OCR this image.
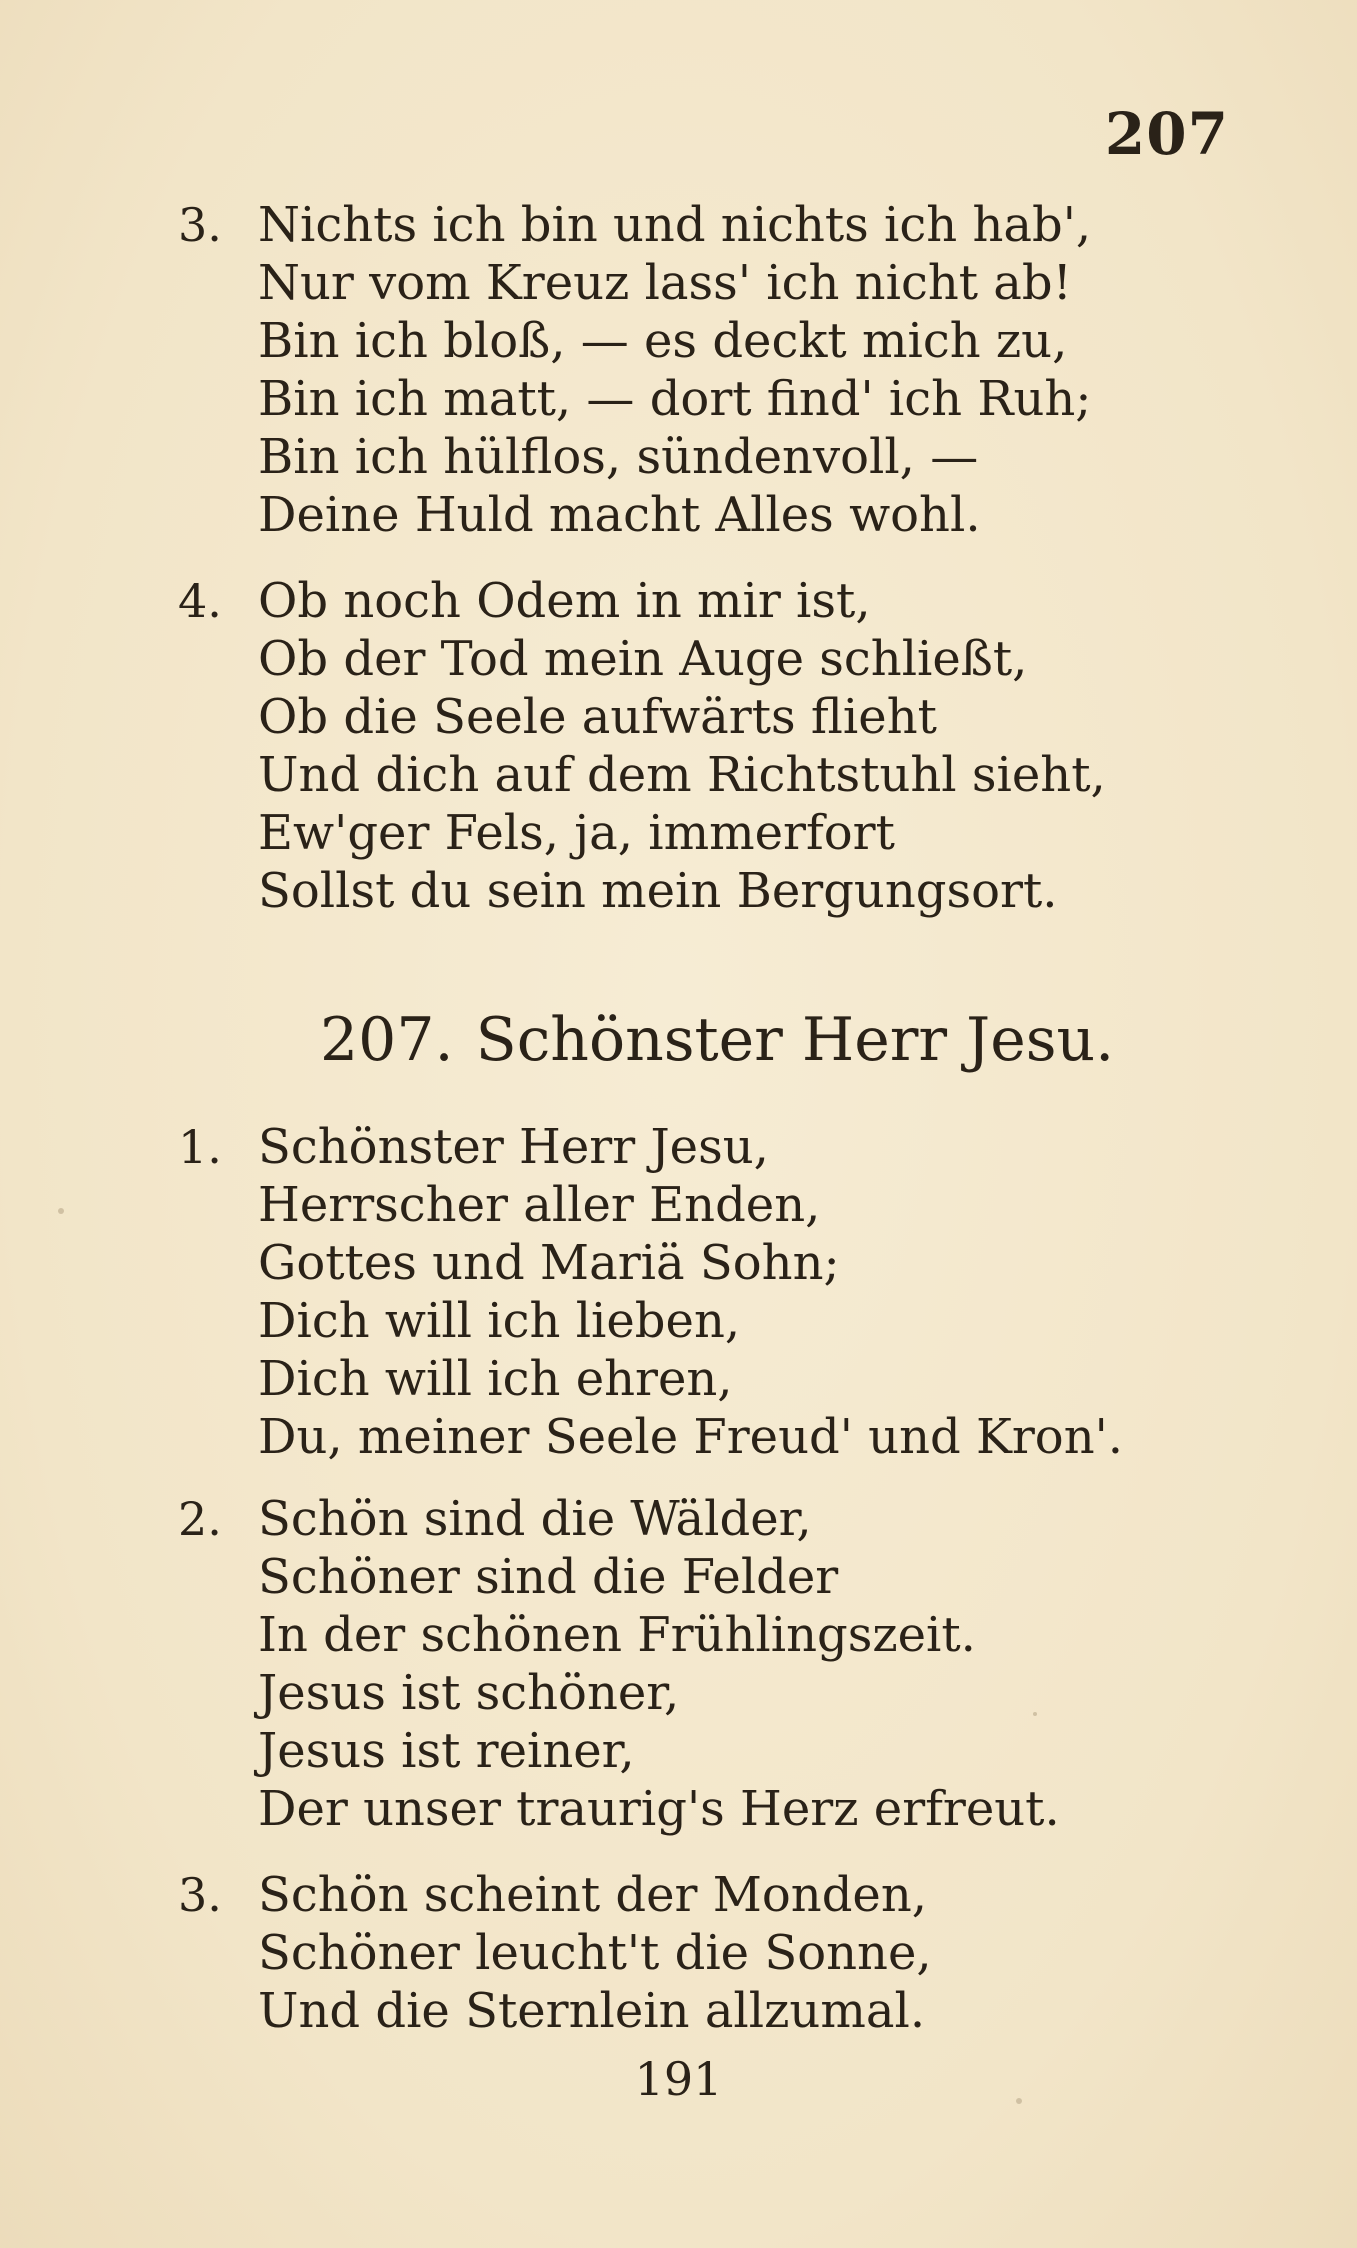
207
3. Nichts ich bin und nichts ich hab',
Nur vom Kreuz lass' ich nicht ab!
Bin ich bloß, — es deckt mich zu,
Bin ich matt, — dort find' ich Ruh;
Bin ich hülflos, sündenvoll, —
Deine Huld macht Alles wohl.
4. Ob noch Odem in mir ist,
Ob der Tod mein Auge schließt,
Ob die Seele aufwärts flieht
Und dich auf dem Richtstuhl sieht,
Ew'ger Fels, ja, immerfort
Sollst du sein mein Bergungsort.
207. Schönster Herr Jesu.
1. Schönster Herr Jesu,
Herrscher aller Enden,
Gottes und Mariä Sohn;
Dich will ich lieben,
Dich will ich ehren,
Du, meiner Seele Freud' und Kron'.
2. Schön sind die Wälder,
Schöner sind die Felder
In der schönen Frühlingszeit.
Jesus ist schöner,
Jesus ist reiner,
Der unser traurig's Herz erfreut.
3. Schön scheint der Monden,
Schöner leucht't die Sonne,
Und die Sternlein allzumal.
191
